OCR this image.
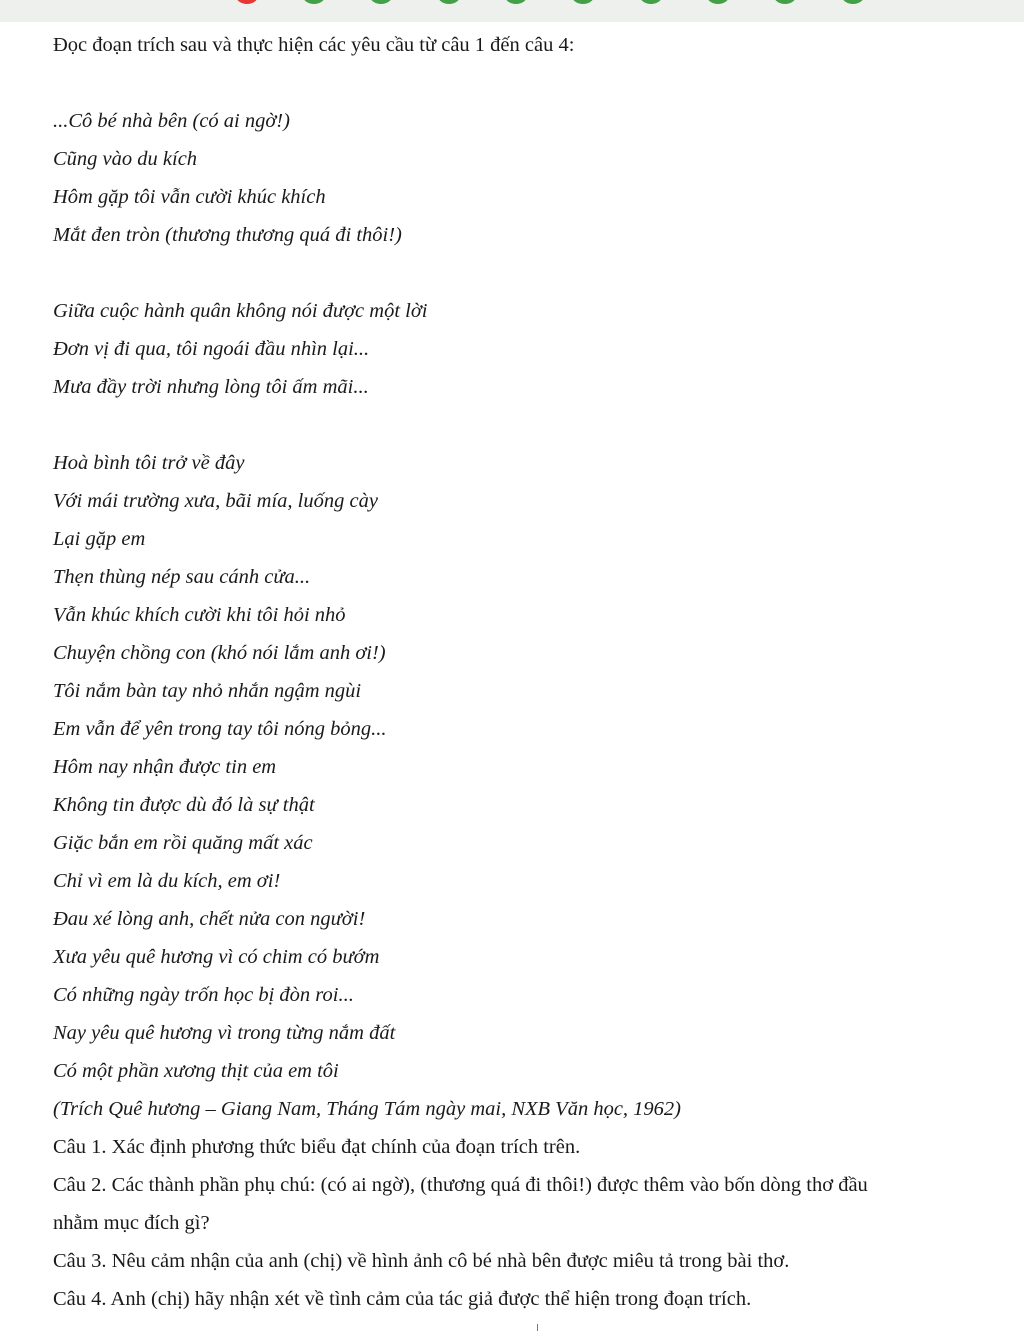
Đọc đoạn trích sau và thực hiện các yêu cầu từ câu 1 đến câu 4:
...Cô bé nhà bên (có ai ngờ!)
Cũng vào du kích
Hôm gặp tôi vẫn cười khúc khích
Mắt đen tròn (thương thương quá đi thôi!)
Giữa cuộc hành quân không nói được một lời
Đơn vị đi qua, tôi ngoái đầu nhìn lại...
Mưa đầy trời nhưng lòng tôi ấm mãi...
Hoà bình tôi trở về đây
Với mái trường xưa, bãi mía, luống cày
Lại gặp em
Thẹn thùng nép sau cánh cửa...
Vẫn khúc khích cười khi tôi hỏi nhỏ
Chuyện chồng con (khó nói lắm anh ơi!)
Tôi nắm bàn tay nhỏ nhắn ngậm ngùi
Em vẫn để yên trong tay tôi nóng bỏng...
Hôm nay nhận được tin em
Không tin được dù đó là sự thật
Giặc bắn em rồi quăng mất xác
Chỉ vì em là du kích, em ơi!
Đau xé lòng anh, chết nửa con người!
Xưa yêu quê hương vì có chim có bướm
Có những ngày trốn học bị đòn roi...
Nay yêu quê hương vì trong từng nắm đất
Có một phần xương thịt của em tôi
(Trích Quê hương – Giang Nam, Tháng Tám ngày mai, NXB Văn học, 1962)
Câu 1. Xác định phương thức biểu đạt chính của đoạn trích trên.
Câu 2. Các thành phần phụ chú: (có ai ngờ), (thương quá đi thôi!) được thêm vào bốn dòng thơ đầu
nhằm mục đích gì?
Câu 3. Nêu cảm nhận của anh (chị) về hình ảnh cô bé nhà bên được miêu tả trong bài thơ.
Câu 4. Anh (chị) hãy nhận xét về tình cảm của tác giả được thể hiện trong đoạn trích.
